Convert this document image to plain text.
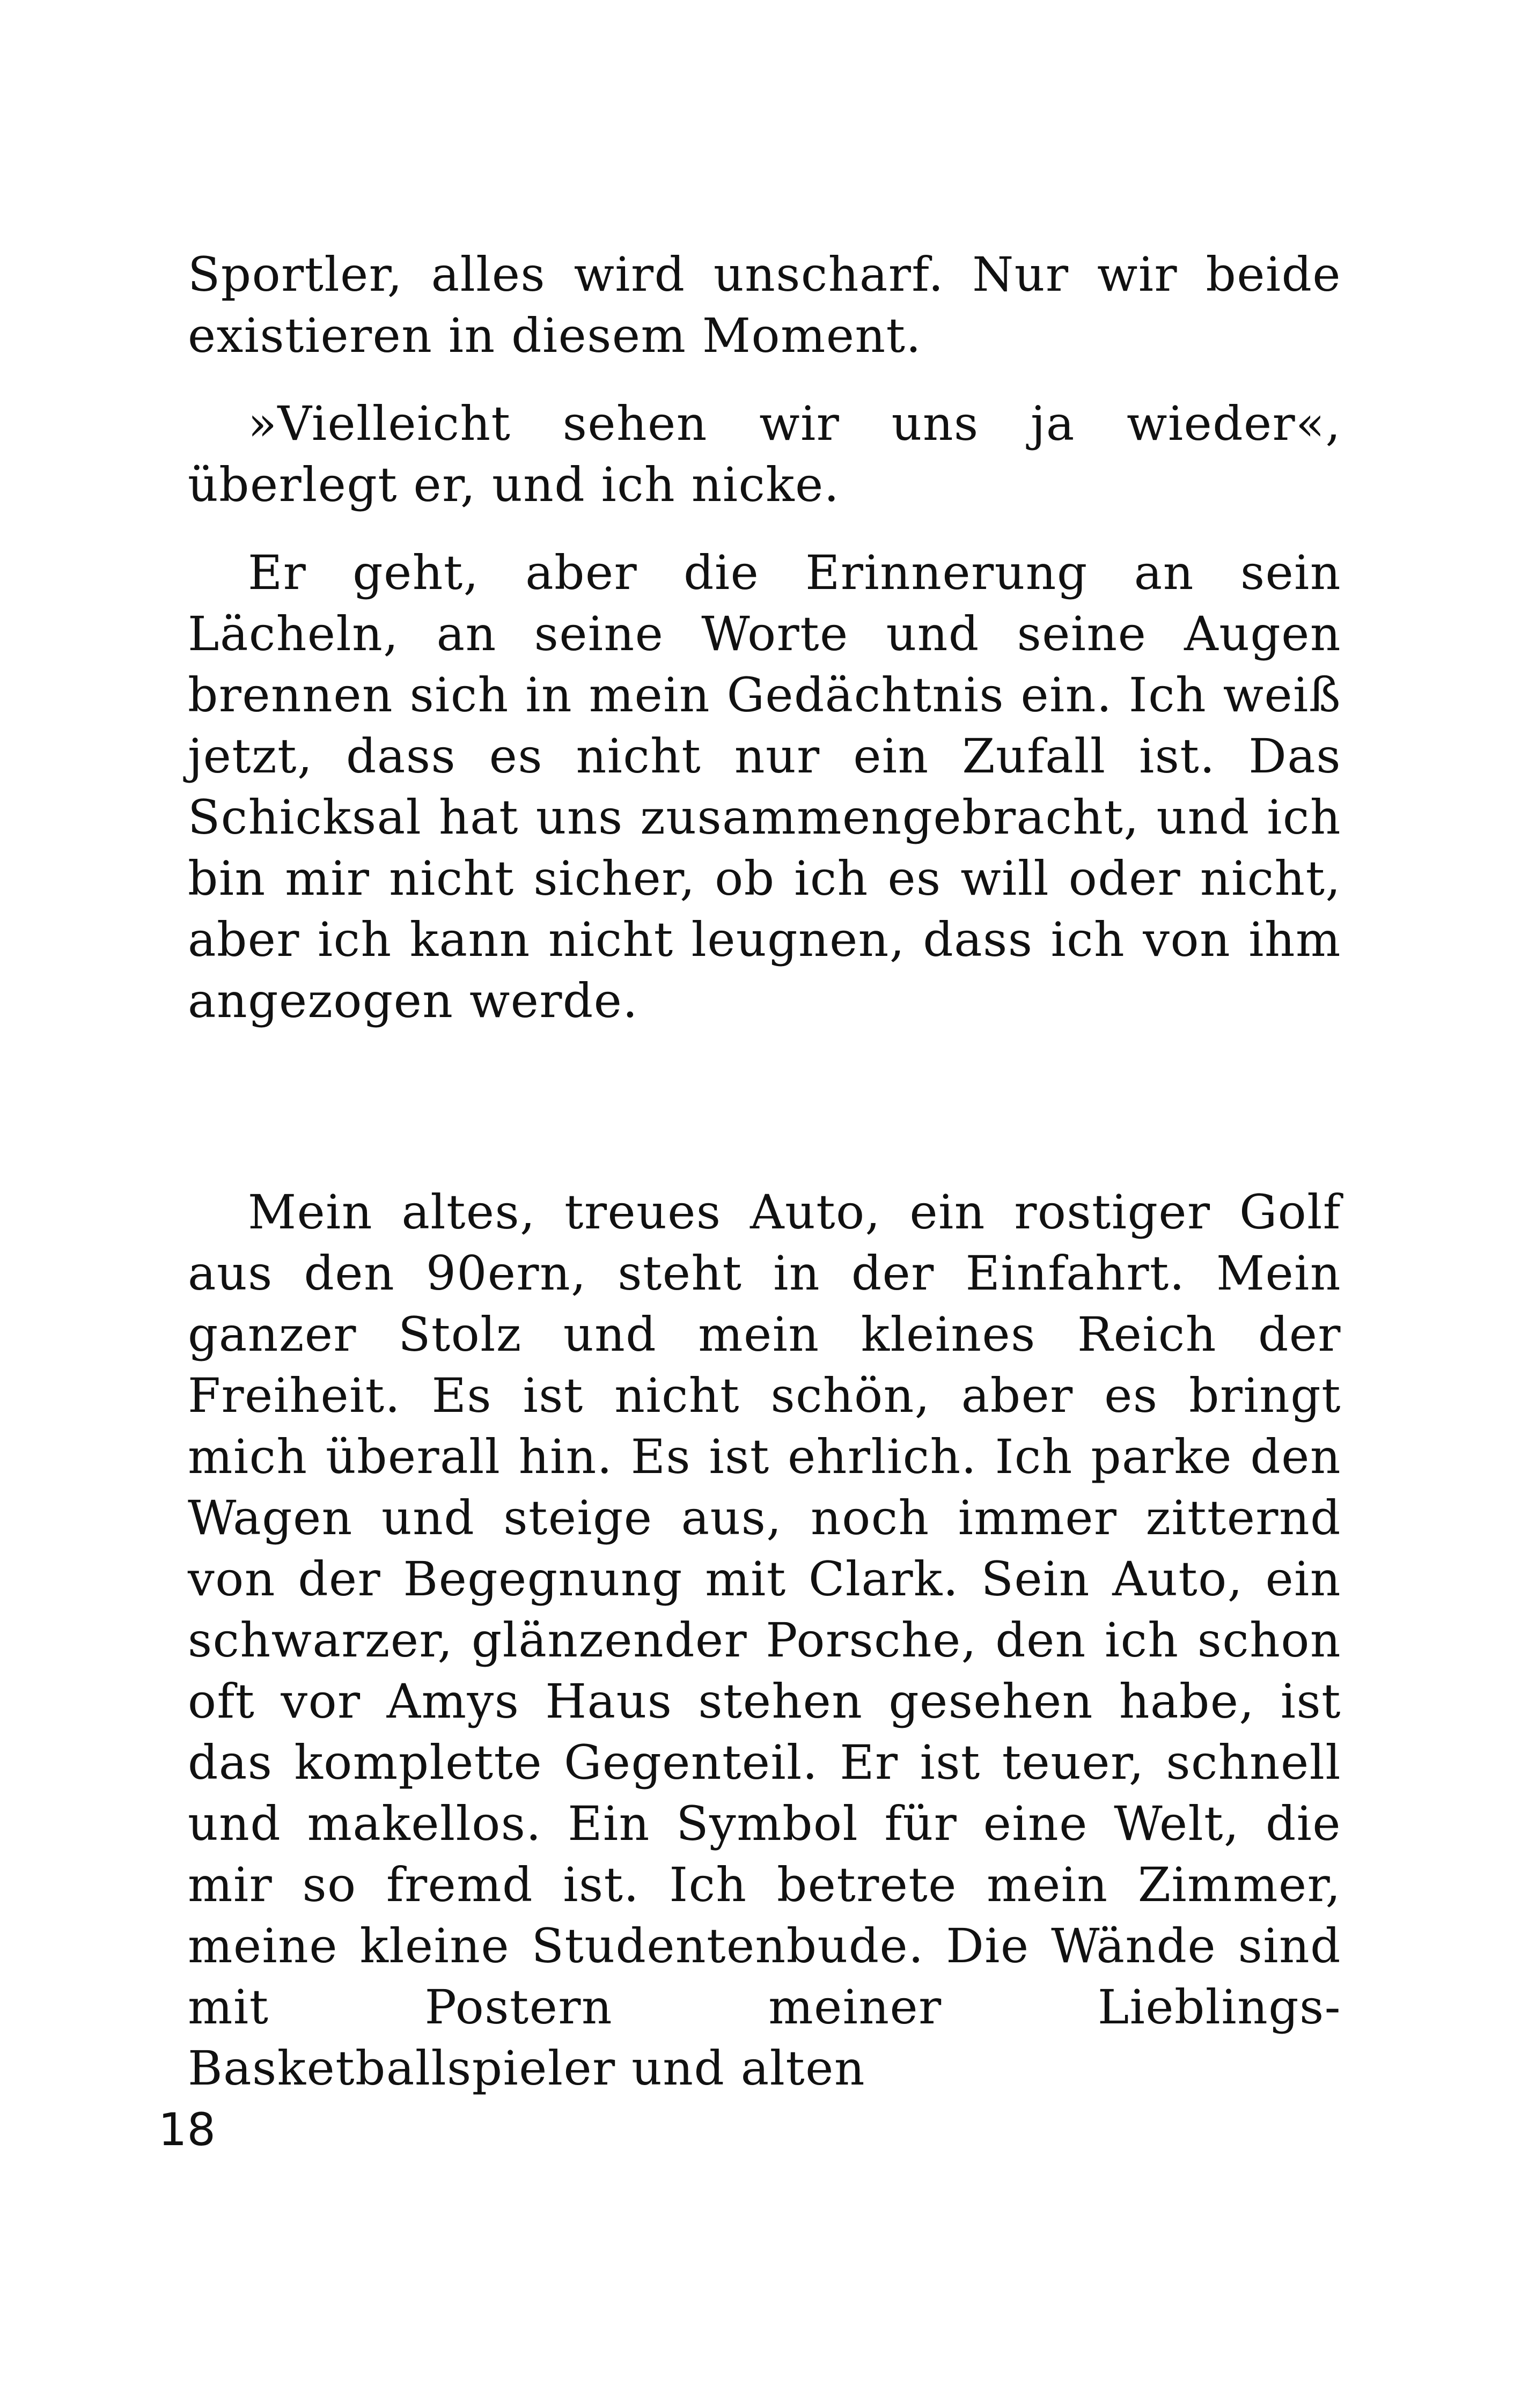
Sportler, alles wird unscharf. Nur wir beide existieren in diesem Moment.

»Vielleicht sehen wir uns ja wieder«, überlegt er, und ich nicke.

Er geht, aber die Erinnerung an sein Lächeln, an seine Worte und seine Augen brennen sich in mein Gedächtnis ein. Ich weiß jetzt, dass es nicht nur ein Zufall ist. Das Schicksal hat uns zusammengebracht, und ich bin mir nicht sicher, ob ich es will oder nicht, aber ich kann nicht leugnen, dass ich von ihm angezogen werde.

Mein altes, treues Auto, ein rostiger Golf aus den 90ern, steht in der Einfahrt. Mein ganzer Stolz und mein kleines Reich der Freiheit. Es ist nicht schön, aber es bringt mich überall hin. Es ist ehrlich. Ich parke den Wagen und steige aus, noch immer zitternd von der Begegnung mit Clark. Sein Auto, ein schwarzer, glänzender Porsche, den ich schon oft vor Amys Haus stehen gesehen habe, ist das komplette Gegenteil. Er ist teuer, schnell und makellos. Ein Symbol für eine Welt, die mir so fremd ist. Ich betrete mein Zimmer, meine kleine Studentenbude. Die Wände sind mit Postern meiner Lieblings-Basketballspieler und alten

18
